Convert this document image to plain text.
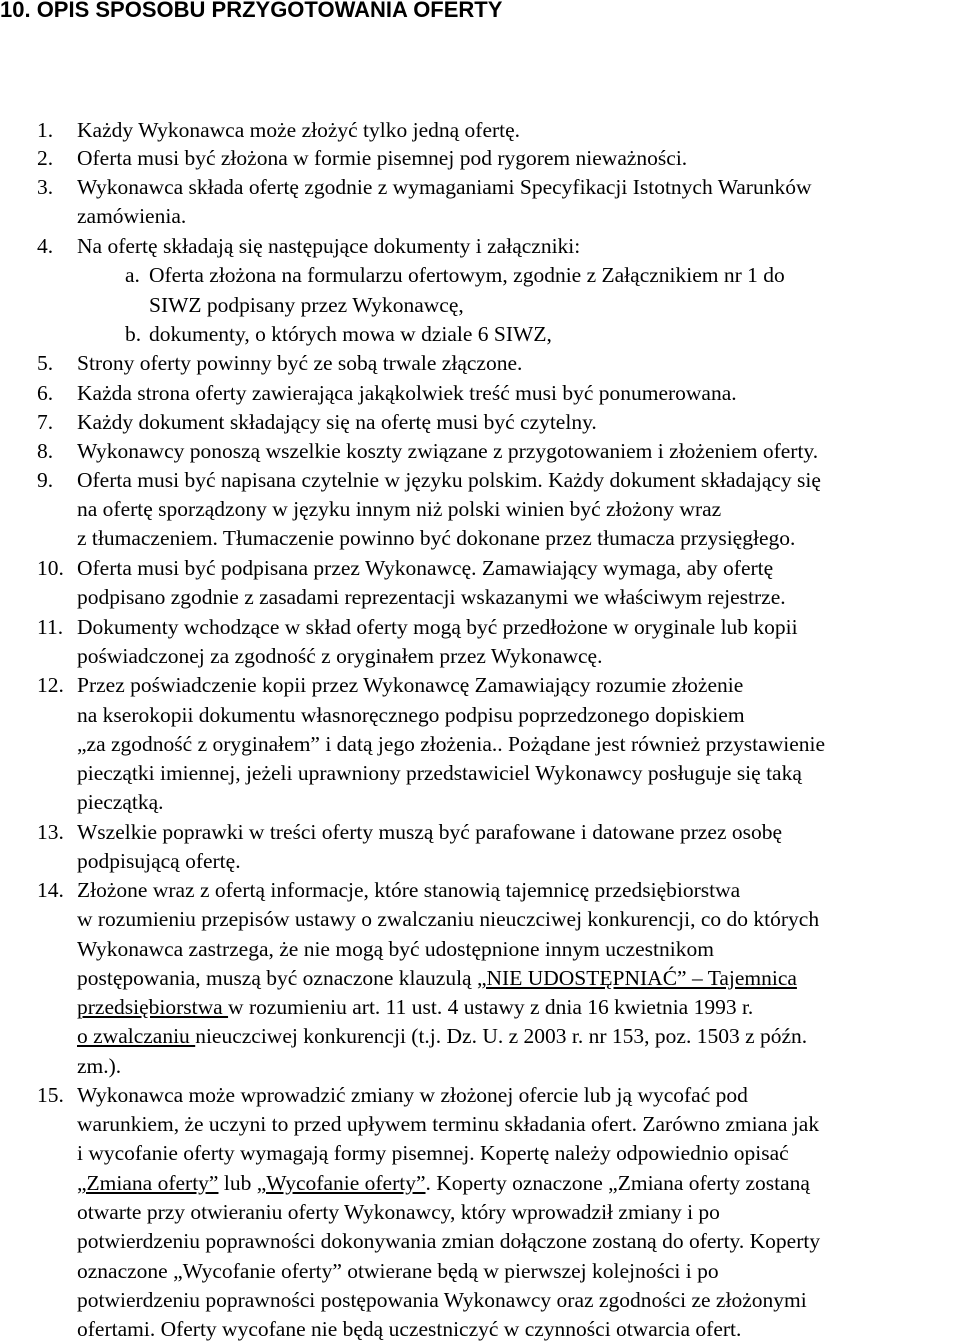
10. OPIS SPOSOBU PRZYGOTOWANIA OFERTY
1. Każdy Wykonawca może złożyć tylko jedną ofertę.
2. Oferta musi być złożona w formie pisemnej pod rygorem nieważności.
3. Wykonawca składa ofertę zgodnie z wymaganiami Specyfikacji Istotnych Warunków
zamówienia.
4. Na ofertę składają się następujące dokumenty i załączniki:
a. Oferta złożona na formularzu ofertowym, zgodnie z Załącznikiem nr 1 do
SIWZ podpisany przez Wykonawcę,
b. dokumenty, o których mowa w dziale 6 SIWZ,
5. Strony oferty powinny być ze sobą trwale złączone.
6. Każda strona oferty zawierająca jakąkolwiek treść musi być ponumerowana.
7. Każdy dokument składający się na ofertę musi być czytelny.
8. Wykonawcy ponoszą wszelkie koszty związane z przygotowaniem i złożeniem oferty.
9. Oferta musi być napisana czytelnie w języku polskim. Każdy dokument składający się
na ofertę sporządzony w języku innym niż polski winien być złożony wraz
z tłumaczeniem. Tłumaczenie powinno być dokonane przez tłumacza przysięgłego.
10. Oferta musi być podpisana przez Wykonawcę. Zamawiający wymaga, aby ofertę
podpisano zgodnie z zasadami reprezentacji wskazanymi we właściwym rejestrze.
11. Dokumenty wchodzące w skład oferty mogą być przedłożone w oryginale lub kopii
poświadczonej za zgodność z oryginałem przez Wykonawcę.
12. Przez poświadczenie kopii przez Wykonawcę Zamawiający rozumie złożenie
na kserokopii dokumentu własnoręcznego podpisu poprzedzonego dopiskiem
„za zgodność z oryginałem” i datą jego złożenia.. Pożądane jest również przystawienie
pieczątki imiennej, jeżeli uprawniony przedstawiciel Wykonawcy posługuje się taką
pieczątką.
13. Wszelkie poprawki w treści oferty muszą być parafowane i datowane przez osobę
podpisującą ofertę.
14. Złożone wraz z ofertą informacje, które stanowią tajemnicę przedsiębiorstwa
w rozumieniu przepisów ustawy o zwalczaniu nieuczciwej konkurencji, co do których
Wykonawca zastrzega, że nie mogą być udostępnione innym uczestnikom
postępowania, muszą być oznaczone klauzulą „NIE UDOSTĘPNIAĆ” – Tajemnica
przedsiębiorstwa w rozumieniu art. 11 ust. 4 ustawy z dnia 16 kwietnia 1993 r.
o zwalczaniu nieuczciwej konkurencji (t.j. Dz. U. z 2003 r. nr 153, poz. 1503 z późn.
zm.).
15. Wykonawca może wprowadzić zmiany w złożonej ofercie lub ją wycofać pod
warunkiem, że uczyni to przed upływem terminu składania ofert. Zarówno zmiana jak
i wycofanie oferty wymagają formy pisemnej. Kopertę należy odpowiednio opisać
„Zmiana oferty” lub „Wycofanie oferty”. Koperty oznaczone „Zmiana oferty zostaną
otwarte przy otwieraniu oferty Wykonawcy, który wprowadził zmiany i po
potwierdzeniu poprawności dokonywania zmian dołączone zostaną do oferty. Koperty
oznaczone „Wycofanie oferty” otwierane będą w pierwszej kolejności i po
potwierdzeniu poprawności postępowania Wykonawcy oraz zgodności ze złożonymi
ofertami. Oferty wycofane nie będą uczestniczyć w czynności otwarcia ofert.
